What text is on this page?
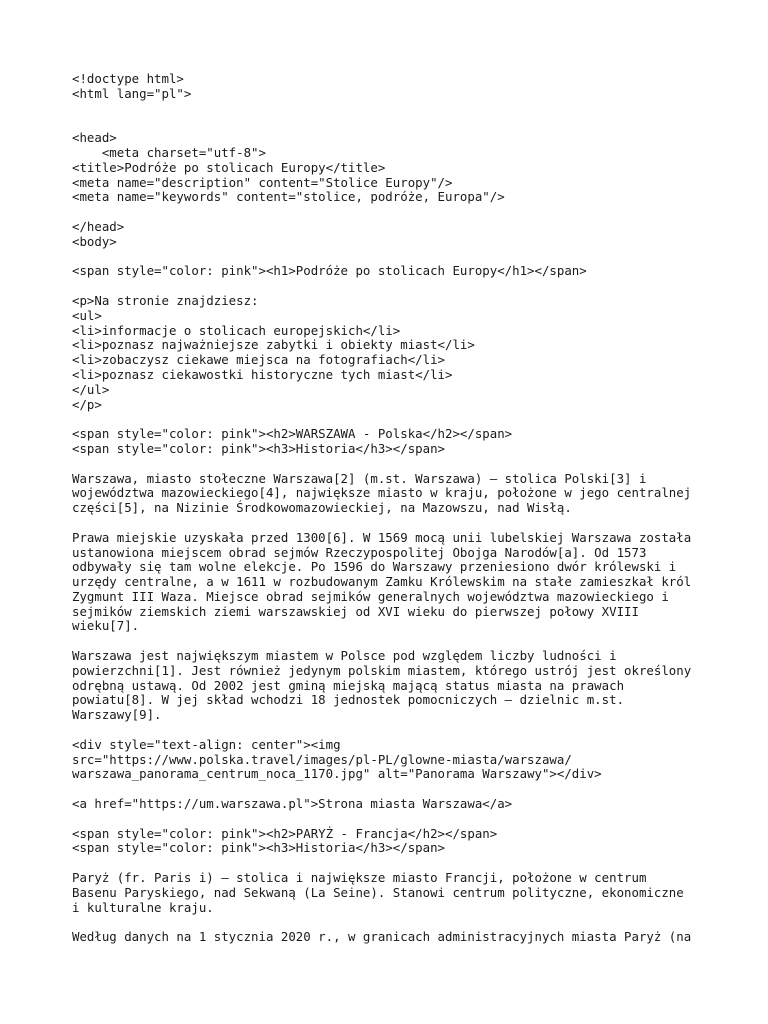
<!doctype html>
<html lang="pl">
<head>
<meta charset="utf-8">
<title>Podróże po stolicach Europy</title>
<meta name="description" content="Stolice Europy"/>
<meta name="keywords" content="stolice, podróże, Europa"/>
</head>
<body>
<span style="color: pink"><h1>Podróże po stolicach Europy</h1></span>
<p>Na stronie znajdziesz:
<ul>
<li>informacje o stolicach europejskich</li>
<li>poznasz najważniejsze zabytki i obiekty miast</li>
<li>zobaczysz ciekawe miejsca na fotografiach</li>
<li>poznasz ciekawostki historyczne tych miast</li>
</ul>
</p>
<span style="color: pink"><h2>WARSZAWA - Polska</h2></span>
<span style="color: pink"><h3>Historia</h3></span>
Warszawa, miasto stołeczne Warszawa[2] (m.st. Warszawa) – stolica Polski[3] i
województwa mazowieckiego[4], największe miasto w kraju, położone w jego centralnej
części[5], na Nizinie Środkowomazowieckiej, na Mazowszu, nad Wisłą.
Prawa miejskie uzyskała przed 1300[6]. W 1569 mocą unii lubelskiej Warszawa została
ustanowiona miejscem obrad sejmów Rzeczypospolitej Obojga Narodów[a]. Od 1573
odbywały się tam wolne elekcje. Po 1596 do Warszawy przeniesiono dwór królewski i
urzędy centralne, a w 1611 w rozbudowanym Zamku Królewskim na stałe zamieszkał król
Zygmunt III Waza. Miejsce obrad sejmików generalnych województwa mazowieckiego i
sejmików ziemskich ziemi warszawskiej od XVI wieku do pierwszej połowy XVIII
wieku[7].
Warszawa jest największym miastem w Polsce pod względem liczby ludności i
powierzchni[1]. Jest również jedynym polskim miastem, którego ustrój jest określony
odrębną ustawą. Od 2002 jest gminą miejską mającą status miasta na prawach
powiatu[8]. W jej skład wchodzi 18 jednostek pomocniczych – dzielnic m.st.
Warszawy[9].
<div style="text-align: center"><img
src="https://www.polska.travel/images/pl-PL/glowne-miasta/warszawa/
warszawa_panorama_centrum_noca_1170.jpg" alt="Panorama Warszawy"></div>
<a href="https://um.warszawa.pl">Strona miasta Warszawa</a>
<span style="color: pink"><h2>PARYŻ - Francja</h2></span>
<span style="color: pink"><h3>Historia</h3></span>
Paryż (fr. Paris i) – stolica i największe miasto Francji, położone w centrum
Basenu Paryskiego, nad Sekwaną (La Seine). Stanowi centrum polityczne, ekonomiczne
i kulturalne kraju.
Według danych na 1 stycznia 2020 r., w granicach administracyjnych miasta Paryż (na
